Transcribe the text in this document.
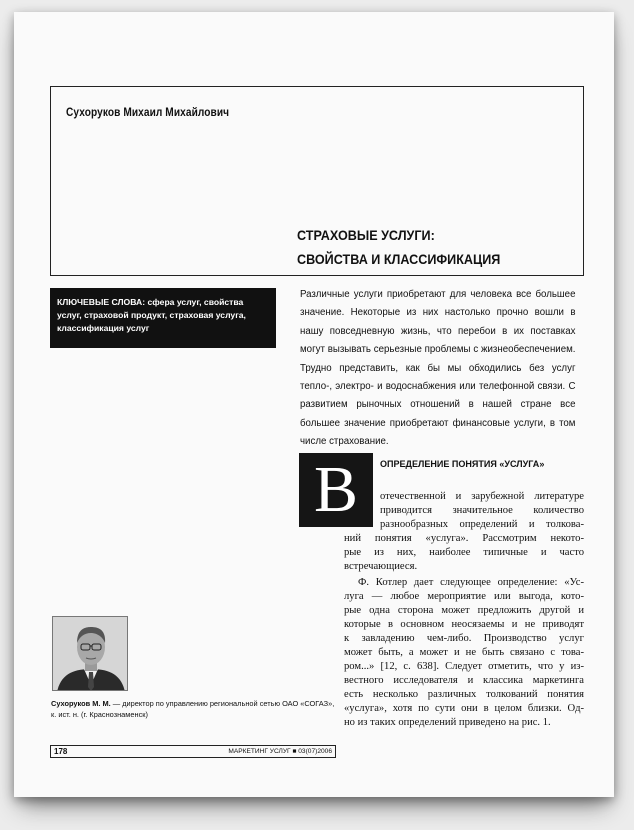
Сухоруков Михаил Михайлович
СТРАХОВЫЕ УСЛУГИ:
СВОЙСТВА И КЛАССИФИКАЦИЯ
КЛЮЧЕВЫЕ СЛОВА: сфера услуг, свойства
услуг, страховой продукт, страховая услуга,
классификация услуг
Различные услуги приобретают для человека все большее значение. Некоторые из них настолько прочно вошли в нашу повседневную жизнь, что перебои в их поставках могут вызывать серьезные проблемы с жизнеобеспечением. Трудно представить, как бы мы обходились без услуг тепло-, электро- и водоснабжения или телефонной связи. С развитием рыночных отношений в нашей стране все большее значение приобретают финансовые услуги, в том числе страхование.
В	ОПРЕДЕЛЕНИЕ ПОНЯТИЯ «УСЛУГА»
отечественной и зарубежной литературе
приводится значительное количество
разнообразных определений и толкова-
ний понятия «услуга». Рассмотрим некото-
рые из них, наиболее типичные и часто
встречающиеся.
Ф. Котлер дает следующее определение: «Ус-
луга — любое мероприятие или выгода, кото-
рые одна сторона может предложить другой и
которые в основном неосязаемы и не приводят
к завладению чем-либо. Производство услуг
может быть, а может и не быть связано с това-
ром...» [12, с. 638]. Следует отметить, что у из-
вестного исследователя и классика маркетинга
есть несколько различных толкований понятия
«услуга», хотя по сути они в целом близки. Од-
но из таких определений приведено на рис. 1.
Сухоруков М. М. — директор по управлению региональной сетью ОАО «СОГАЗ»,
к. ист. н. (г. Краснознаменск)
178	МАРКЕТИНГ УСЛУГ ■ 03(07)2006
